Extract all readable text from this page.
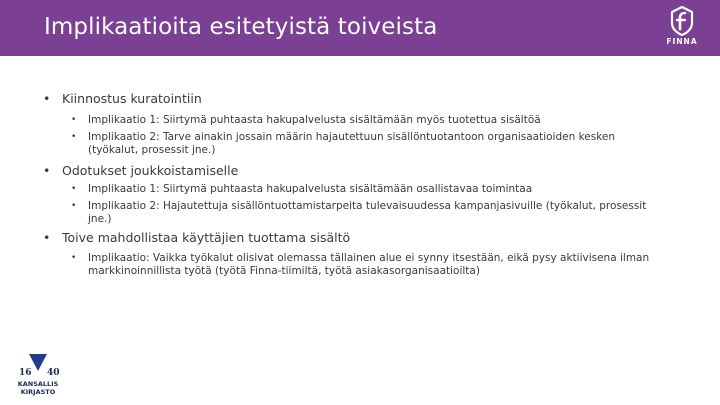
Implikaatioita esitetyistä toiveista
FINNA
• Kiinnostus kuratointiin
• Implikaatio 1: Siirtymä puhtaasta hakupalvelusta sisältämään myös tuotettua sisältöä
• Implikaatio 2: Tarve ainakin jossain määrin hajautettuun sisällöntuotantoon organisaatioiden kesken (työkalut, prosessit jne.)
• Odotukset joukkoistamiselle
• Implikaatio 1: Siirtymä puhtaasta hakupalvelusta sisältämään osallistavaa toimintaa
• Implikaatio 2: Hajautettuja sisällöntuottamistarpeita tulevaisuudessa kampanjasivuille (työkalut, prosessit jne.)
• Toive mahdollistaa käyttäjien tuottama sisältö
• Implikaatio: Vaikka työkalut olisivat olemassa tällainen alue ei synny itsestään, eikä pysy aktiivisena ilman markkinoinnillista työtä (työtä Finna-tiimiltä, työtä asiakasorganisaatioilta)
16 40
KANSALLIS
KIRJASTO
